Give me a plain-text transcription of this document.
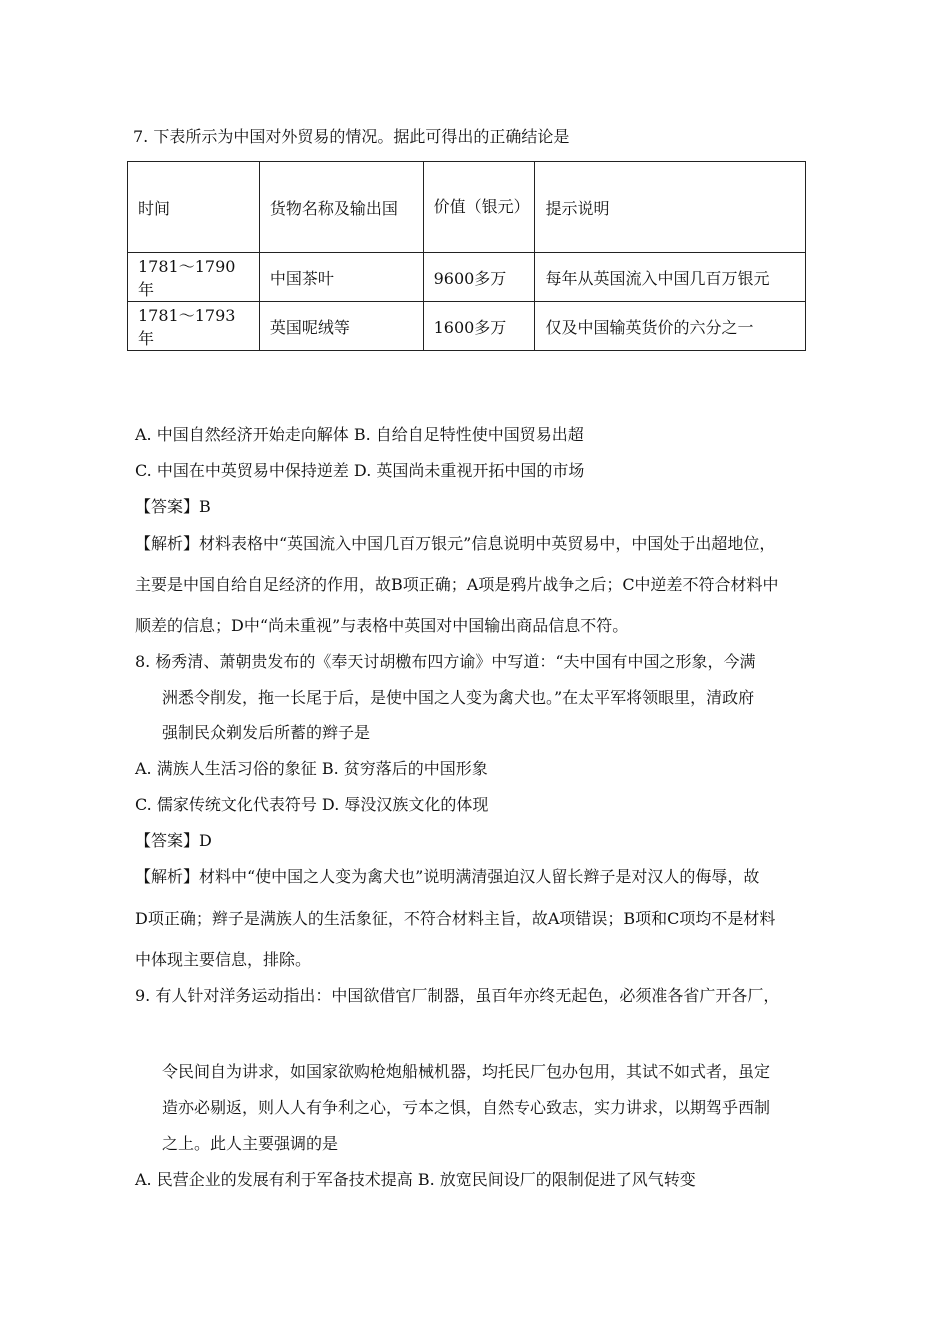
7. 下表所示为中国对外贸易的情况。据此可得出的正确结论是
时间	货物名称及输出国	价值（银元）	提示说明
1781～1790年	中国茶叶	9600多万	每年从英国流入中国几百万银元
1781～1793年	英国呢绒等	1600多万	仅及中国输英货价的六分之一
A. 中国自然经济开始走向解体 B. 自给自足特性使中国贸易出超
C. 中国在中英贸易中保持逆差 D. 英国尚未重视开拓中国的市场
【答案】B
【解析】材料表格中“英国流入中国几百万银元”信息说明中英贸易中，中国处于出超地位，
主要是中国自给自足经济的作用，故B项正确；A项是鸦片战争之后；C中逆差不符合材料中
顺差的信息；D中“尚未重视”与表格中英国对中国输出商品信息不符。
8. 杨秀清、萧朝贵发布的《奉天讨胡檄布四方谕》中写道：“夫中国有中国之形象，今满
洲悉令削发，拖一长尾于后，是使中国之人变为禽犬也。”在太平军将领眼里，清政府
强制民众剃发后所蓄的辫子是
A. 满族人生活习俗的象征 B. 贫穷落后的中国形象
C. 儒家传统文化代表符号 D. 辱没汉族文化的体现
【答案】D
【解析】材料中“使中国之人变为禽犬也”说明满清强迫汉人留长辫子是对汉人的侮辱，故
D项正确；辫子是满族人的生活象征，不符合材料主旨，故A项错误；B项和C项均不是材料
中体现主要信息，排除。
9. 有人针对洋务运动指出：中国欲借官厂制器，虽百年亦终无起色，必须准各省广开各厂，
令民间自为讲求，如国家欲购枪炮船械机器，均托民厂包办包用，其试不如式者，虽定
造亦必剔返，则人人有争利之心，亏本之惧，自然专心致志，实力讲求，以期驾乎西制
之上。此人主要强调的是
A. 民营企业的发展有利于军备技术提高 B. 放宽民间设厂的限制促进了风气转变
